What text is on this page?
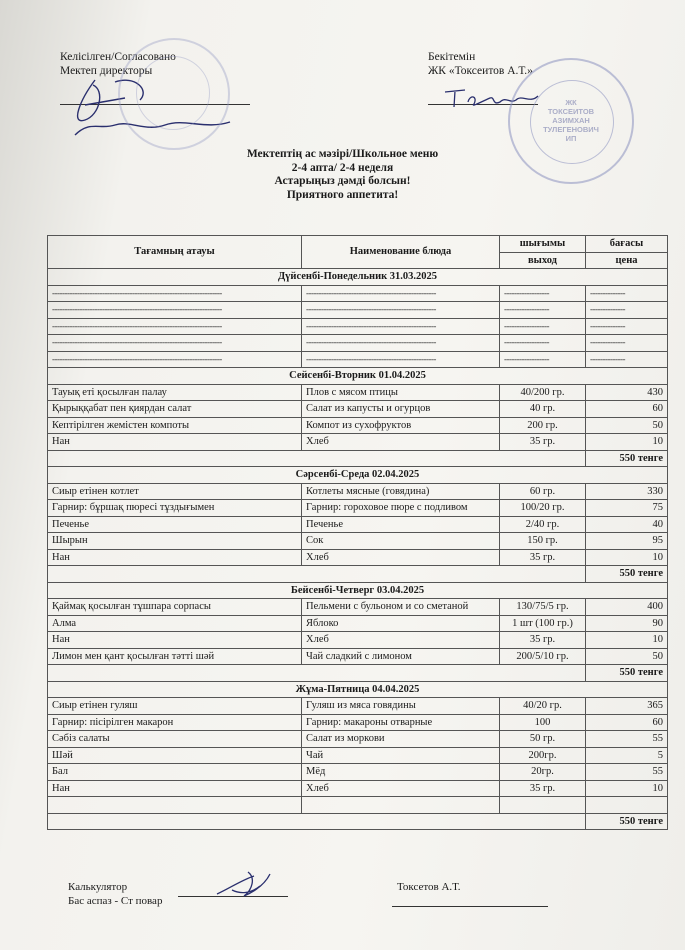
Келісілген/Согласовано
Мектеп директоры
Бекітемін
ЖК «Токсеитов А.Т.»
ЖК
ТОКСЕИТОВ
АЗИМХАН
ТУЛЕГЕНОВИЧ
ИП
Мектептің ас мәзірі/Школьное меню
2-4 апта/ 2-4 неделя
Астарыңыз дәмді болсын!
Приятного аппетита!
Тағамның атауы	Наименование блюда	шығымы	бағасы
		выход	цена
Дүйсенбі-Понедельник 31.03.2025			
--------------------------------------------------------------------	----------------------------------------------------	------------------	--------------
--------------------------------------------------------------------	----------------------------------------------------	------------------	--------------
--------------------------------------------------------------------	----------------------------------------------------	------------------	--------------
--------------------------------------------------------------------	----------------------------------------------------	------------------	--------------
--------------------------------------------------------------------	----------------------------------------------------	------------------	--------------
Сейсенбі-Вторник 01.04.2025			
Тауық еті қосылған палау	Плов с мясом птицы	40/200 гр.	430
Қырыққабат пен қиярдан салат	Салат из капусты и огурцов	40 гр.	60
Кептірілген жемістен компоты	Компот из сухофруктов	200 гр.	50
Нан	Хлеб	35 гр.	10
			550 тенге
Сәрсенбі-Среда 02.04.2025			
Сиыр етінен котлет	Котлеты мясные (говядина)	60 гр.	330
Гарнир: бұршақ пюресі тұздығымен	Гарнир: гороховое пюре с подливом	100/20 гр.	75
Печенье	Печенье	2/40 гр.	40
Шырын	Сок	150 гр.	95
Нан	Хлеб	35 гр.	10
			550 тенге
Бейсенбі-Четверг 03.04.2025			
Қаймақ қосылған тұшпара сорпасы	Пельмени с бульоном и со сметаной	130/75/5 гр.	400
Алма	Яблоко	1 шт (100 гр.)	90
Нан	Хлеб	35 гр.	10
Лимон мен қант қосылған тәтті шәй	Чай сладкий с лимоном	200/5/10 гр.	50
			550 тенге
Жұма-Пятница 04.04.2025			
Сиыр етінен гуляш	Гуляш из мяса говядины	40/20 гр.	365
Гарнир: пісірілген макарон	Гарнир: макароны отварные	100	60
Сәбіз салаты	Салат из моркови	50 гр.	55
Шәй	Чай	200гр.	5
Бал	Мёд	20гр.	55
Нан	Хлеб	35 гр.	10

			550 тенге
Калькулятор
Бас аспаз - Ст повар
Токсетов А.Т.
